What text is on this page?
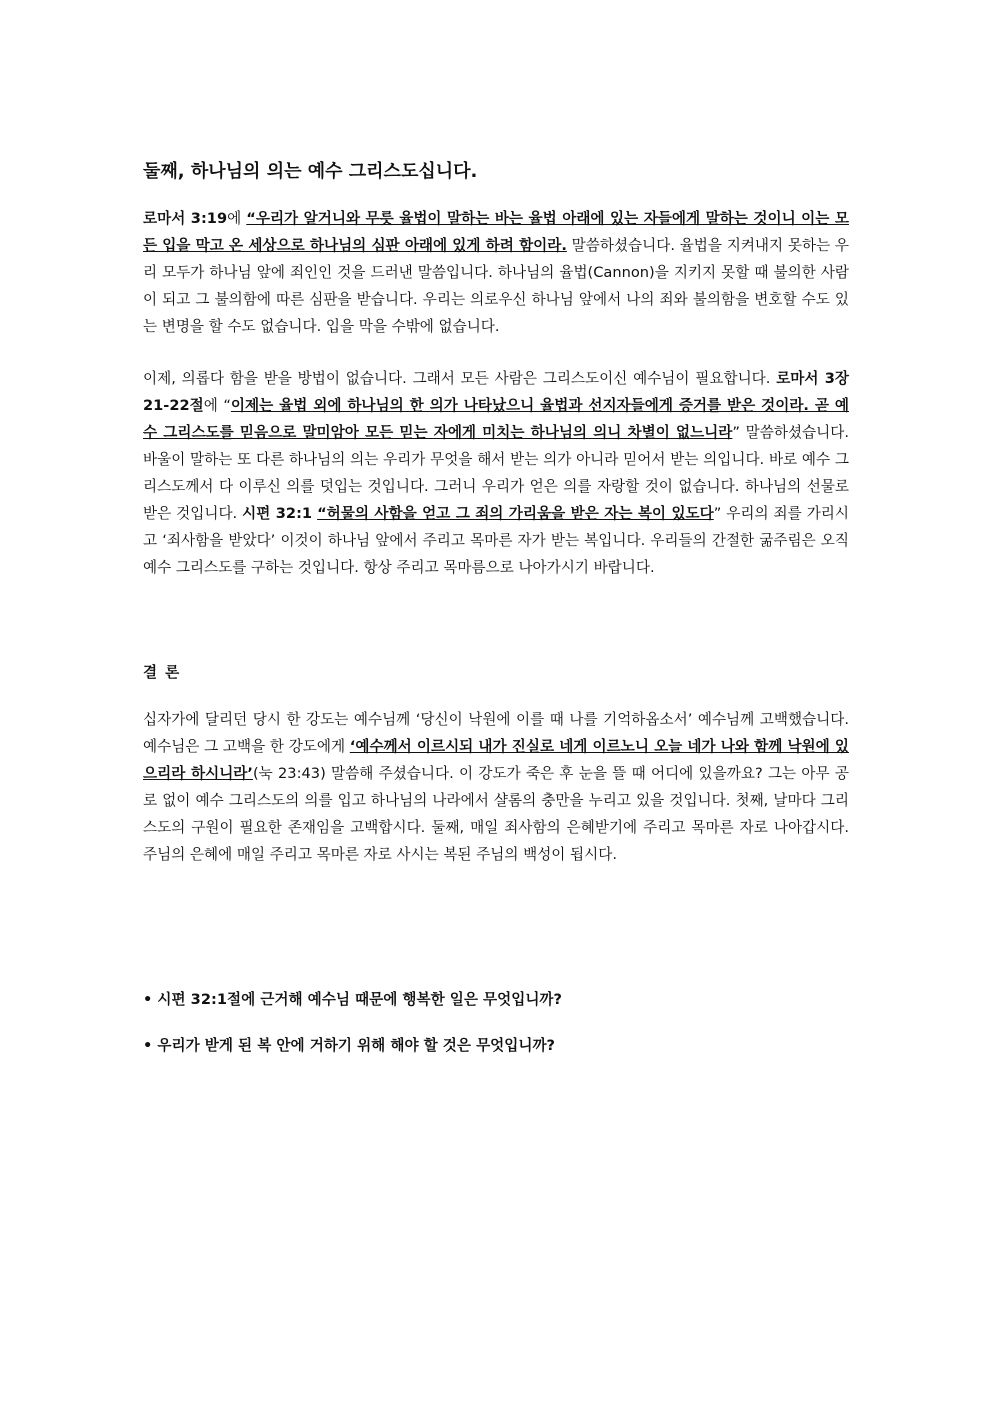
둘째, 하나님의 의는 예수 그리스도십니다.

로마서 3:19에 “우리가 알거니와 무릇 율법이 말하는 바는 율법 아래에 있는 자들에게 말하는 것이니 이는 모든 입을 막고 온 세상으로 하나님의 심판 아래에 있게 하려 함이라. 말씀하셨습니다. 율법을 지켜내지 못하는 우리 모두가 하나님 앞에 죄인인 것을 드러낸 말씀입니다. 하나님의 율법(Cannon)을 지키지 못할 때 불의한 사람이 되고 그 불의함에 따른 심판을 받습니다. 우리는 의로우신 하나님 앞에서 나의 죄와 불의함을 변호할 수도 있는 변명을 할 수도 없습니다. 입을 막을 수밖에 없습니다.

이제, 의롭다 함을 받을 방법이 없습니다. 그래서 모든 사람은 그리스도이신 예수님이 필요합니다. 로마서 3장 21-22절에 “이제는 율법 외에 하나님의 한 의가 나타났으니 율법과 선지자들에게 증거를 받은 것이라. 곧 예수 그리스도를 믿음으로 말미암아 모든 믿는 자에게 미치는 하나님의 의니 차별이 없느니라” 말씀하셨습니다. 바울이 말하는 또 다른 하나님의 의는 우리가 무엇을 해서 받는 의가 아니라 믿어서 받는 의입니다. 바로 예수 그리스도께서 다 이루신 의를 덧입는 것입니다. 그러니 우리가 얻은 의를 자랑할 것이 없습니다. 하나님의 선물로 받은 것입니다. 시편 32:1 “허물의 사함을 얻고 그 죄의 가리움을 받은 자는 복이 있도다” 우리의 죄를 가리시고 ‘죄사함을 받았다’ 이것이 하나님 앞에서 주리고 목마른 자가 받는 복입니다. 우리들의 간절한 굶주림은 오직 예수 그리스도를 구하는 것입니다. 항상 주리고 목마름으로 나아가시기 바랍니다.

결론

십자가에 달리던 당시 한 강도는 예수님께 ‘당신이 낙원에 이를 때 나를 기억하옵소서’ 예수님께 고백했습니다. 예수님은 그 고백을 한 강도에게 ‘예수께서 이르시되 내가 진실로 네게 이르노니 오늘 네가 나와 함께 낙원에 있으리라 하시니라’(눅 23:43) 말씀해 주셨습니다. 이 강도가 죽은 후 눈을 뜰 때 어디에 있을까요? 그는 아무 공로 없이 예수 그리스도의 의를 입고 하나님의 나라에서 샬롬의 충만을 누리고 있을 것입니다. 첫째, 날마다 그리스도의 구원이 필요한 존재임을 고백합시다. 둘째, 매일 죄사함의 은혜받기에 주리고 목마른 자로 나아갑시다. 주님의 은혜에 매일 주리고 목마른 자로 사시는 복된 주님의 백성이 됩시다.

• 시편 32:1절에 근거해 예수님 때문에 행복한 일은 무엇입니까?
• 우리가 받게 된 복 안에 거하기 위해 해야 할 것은 무엇입니까?
